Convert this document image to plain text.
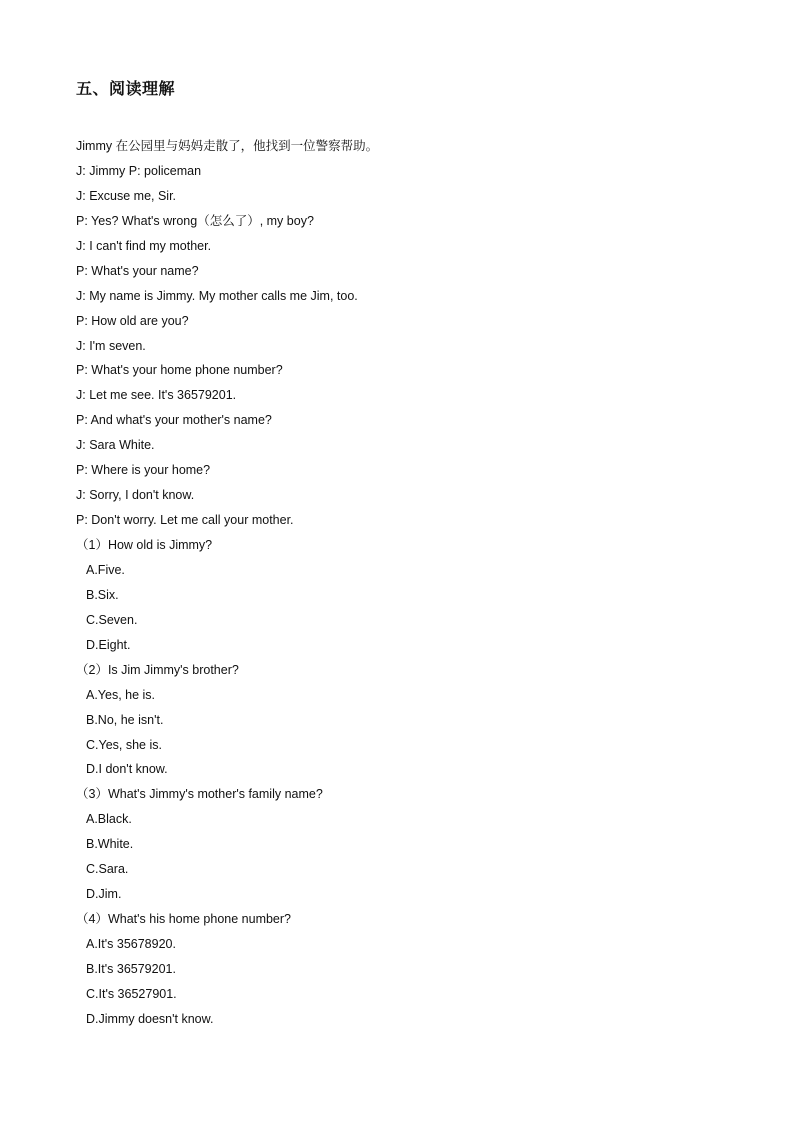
五、阅读理解
Jimmy 在公园里与妈妈走散了，他找到一位警察帮助。
J: Jimmy P: policeman
J: Excuse me, Sir.
P: Yes? What's wrong（怎么了）, my boy?
J: I can't find my mother.
P: What's your name?
J: My name is Jimmy. My mother calls me Jim, too.
P: How old are you?
J: I'm seven.
P: What's your home phone number?
J: Let me see. It's 36579201.
P: And what's your mother's name?
J: Sara White.
P: Where is your home?
J: Sorry, I don't know.
P: Don't worry. Let me call your mother.
（1）How old is Jimmy?
A.Five.
B.Six.
C.Seven.
D.Eight.
（2）Is Jim Jimmy's brother?
A.Yes, he is.
B.No, he isn't.
C.Yes, she is.
D.I don't know.
（3）What's Jimmy's mother's family name?
A.Black.
B.White.
C.Sara.
D.Jim.
（4）What's his home phone number?
A.It's 35678920.
B.It's 36579201.
C.It's 36527901.
D.Jimmy doesn't know.
